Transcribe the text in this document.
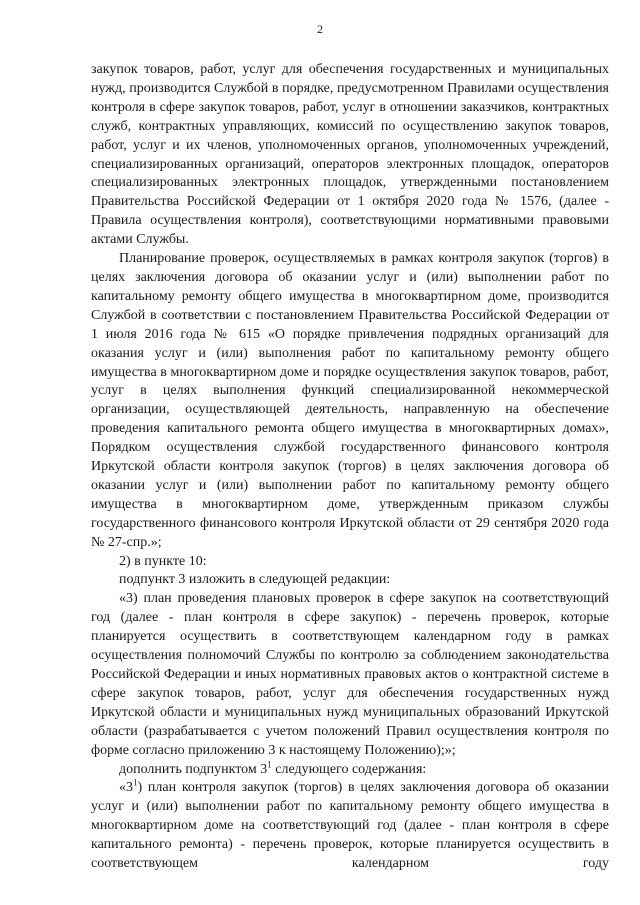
2

закупок товаров, работ, услуг для обеспечения государственных и муниципальных нужд, производится Службой в порядке, предусмотренном Правилами осуществления контроля в сфере закупок товаров, работ, услуг в отношении заказчиков, контрактных служб, контрактных управляющих, комиссий по осуществлению закупок товаров, работ, услуг и их членов, уполномоченных органов, уполномоченных учреждений, специализированных организаций, операторов электронных площадок, операторов специализированных электронных площадок, утвержденными постановлением Правительства Российской Федерации от 1 октября 2020 года № 1576, (далее - Правила осуществления контроля), соответствующими нормативными правовыми актами Службы.

Планирование проверок, осуществляемых в рамках контроля закупок (торгов) в целях заключения договора об оказании услуг и (или) выполнении работ по капитальному ремонту общего имущества в многоквартирном доме, производится Службой в соответствии с постановлением Правительства Российской Федерации от 1 июля 2016 года № 615 «О порядке привлечения подрядных организаций для оказания услуг и (или) выполнения работ по капитальному ремонту общего имущества в многоквартирном доме и порядке осуществления закупок товаров, работ, услуг в целях выполнения функций специализированной некоммерческой организации, осуществляющей деятельность, направленную на обеспечение проведения капитального ремонта общего имущества в многоквартирных домах», Порядком осуществления службой государственного финансового контроля Иркутской области контроля закупок (торгов) в целях заключения договора об оказании услуг и (или) выполнении работ по капитальному ремонту общего имущества в многоквартирном доме, утвержденным приказом службы государственного финансового контроля Иркутской области от 29 сентября 2020 года № 27-спр.»;

2) в пункте 10:

подпункт 3 изложить в следующей редакции:

«3) план проведения плановых проверок в сфере закупок на соответствующий год (далее - план контроля в сфере закупок) - перечень проверок, которые планируется осуществить в соответствующем календарном году в рамках осуществления полномочий Службы по контролю за соблюдением законодательства Российской Федерации и иных нормативных правовых актов о контрактной системе в сфере закупок товаров, работ, услуг для обеспечения государственных нужд Иркутской области и муниципальных нужд муниципальных образований Иркутской области (разрабатывается с учетом положений Правил осуществления контроля по форме согласно приложению 3 к настоящему Положению);»;

дополнить подпунктом $3^1$ следующего содержания:

«$3^1$) план контроля закупок (торгов) в целях заключения договора об оказании услуг и (или) выполнении работ по капитальному ремонту общего имущества в многоквартирном доме на соответствующий год (далее - план контроля в сфере капитального ремонта) - перечень проверок, которые планируется осуществить в соответствующем календарном году
